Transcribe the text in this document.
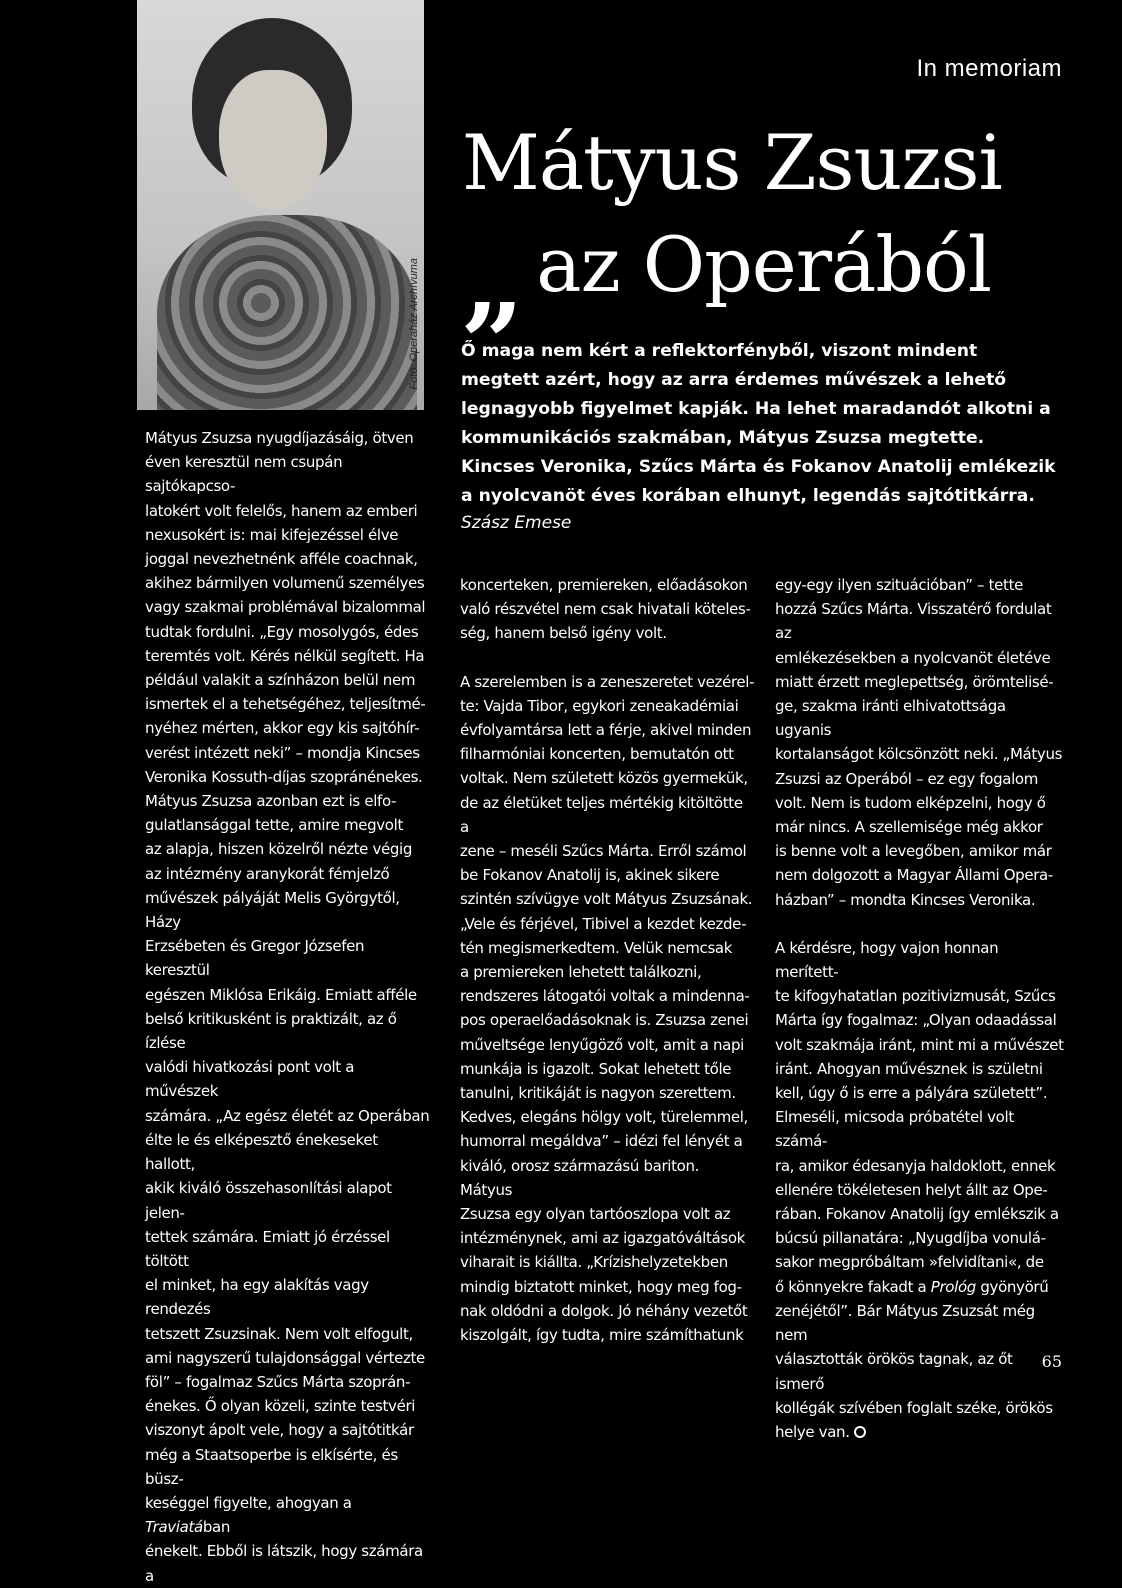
In memoriam
Fotó: Operaház Archívuma
Mátyus Zsuzsi
„ az Operából

Ő maga nem kért a reflektorfényből, viszont mindent megtett azért, hogy az arra érdemes művészek a lehető legnagyobb figyelmet kapják. Ha lehet maradandót alkotni a kommunikációs szakmában, Mátyus Zsuzsa megtette. Kincses Veronika, Szűcs Márta és Fokanov Anatolij emlékezik a nyolcvanöt éves korában elhunyt, legendás sajtótitkárra.

Szász Emese

Mátyus Zsuzsa nyugdíjazásáig, ötven
éven keresztül nem csupán sajtókapcso-
latokért volt felelős, hanem az emberi
nexusokért is: mai kifejezéssel élve
joggal nevezhetnénk afféle coachnak,
akihez bármilyen volumenű személyes
vagy szakmai problémával bizalommal
tudtak fordulni. „Egy mosolygós, édes
teremtés volt. Kérés nélkül segített. Ha
például valakit a színházon belül nem
ismertek el a tehetségéhez, teljesítmé-
nyéhez mérten, akkor egy kis sajtóhír-
verést intézett neki” – mondja Kincses
Veronika Kossuth-díjas szopránénekes.
Mátyus Zsuzsa azonban ezt is elfo-
gulatlansággal tette, amire megvolt
az alapja, hiszen közelről nézte végig
az intézmény aranykorát fémjelző
művészek pályáját Melis Györgytől, Házy
Erzsébeten és Gregor Józsefen keresztül
egészen Miklósa Erikáig. Emiatt afféle
belső kritikusként is praktizált, az ő ízlése
valódi hivatkozási pont volt a művészek
számára. „Az egész életét az Operában
élte le és elképesztő énekeseket hallott,
akik kiváló összehasonlítási alapot jelen-
tettek számára. Emiatt jó érzéssel töltött
el minket, ha egy alakítás vagy rendezés
tetszett Zsuzsinak. Nem volt elfogult,
ami nagyszerű tulajdonsággal vértezte
föl” – fogalmaz Szűcs Márta szoprán-
énekes. Ő olyan közeli, szinte testvéri
viszonyt ápolt vele, hogy a sajtótitkár
még a Staatsoperbe is elkísérte, és büsz-
keséggel figyelte, ahogyan a Traviatában
énekelt. Ebből is látszik, hogy számára a

koncerteken, premiereken, előadásokon
való részvétel nem csak hivatali köteles-
ség, hanem belső igény volt.

A szerelemben is a zeneszeretet vezérel-
te: Vajda Tibor, egykori zeneakadémiai
évfolyamtársa lett a férje, akivel minden
filharmóniai koncerten, bemutatón ott
voltak. Nem született közös gyermekük,
de az életüket teljes mértékig kitöltötte a
zene – meséli Szűcs Márta. Erről számol
be Fokanov Anatolij is, akinek sikere
szintén szívügye volt Mátyus Zsuzsának.
„Vele és férjével, Tibivel a kezdet kezde-
tén megismerkedtem. Velük nemcsak
a premiereken lehetett találkozni,
rendszeres látogatói voltak a mindenna-
pos operaelőadásoknak is. Zsuzsa zenei
műveltsége lenyűgöző volt, amit a napi
munkája is igazolt. Sokat lehetett tőle
tanulni, kritikáját is nagyon szerettem.
Kedves, elegáns hölgy volt, türelemmel,
humorral megáldva” – idézi fel lényét a
kiváló, orosz származású bariton. Mátyus
Zsuzsa egy olyan tartóoszlopa volt az
intézménynek, ami az igazgatóváltások
viharait is kiállta. „Krízishelyzetekben
mindig biztatott minket, hogy meg fog-
nak oldódni a dolgok. Jó néhány vezetőt
kiszolgált, így tudta, mire számíthatunk

egy-egy ilyen szituációban” – tette
hozzá Szűcs Márta. Visszatérő fordulat az
emlékezésekben a nyolcvanöt életéve
miatt érzett meglepettség, örömtelisé-
ge, szakma iránti elhivatottsága ugyanis
kortalanságot kölcsönzött neki. „Mátyus
Zsuzsi az Operából – ez egy fogalom
volt. Nem is tudom elképzelni, hogy ő
már nincs. A szellemisége még akkor
is benne volt a levegőben, amikor már
nem dolgozott a Magyar Állami Opera-
házban” – mondta Kincses Veronika.

A kérdésre, hogy vajon honnan merített-
te kifogyhatatlan pozitivizmusát, Szűcs
Márta így fogalmaz: „Olyan odaadással
volt szakmája iránt, mint mi a művészet
iránt. Ahogyan művésznek is születni
kell, úgy ő is erre a pályára született”.
Elmeséli, micsoda próbatétel volt számá-
ra, amikor édesanyja haldoklott, ennek
ellenére tökéletesen helyt állt az Ope-
rában. Fokanov Anatolij így emlékszik a
búcsú pillanatára: „Nyugdíjba vonulá-
sakor megpróbáltam »felvidítani«, de
ő könnyekre fakadt a Prológ gyönyörű
zenéjétől”. Bár Mátyus Zsuzsát még nem
választották örökös tagnak, az őt ismerő
kollégák szívében foglalt széke, örökös
helye van.

65
